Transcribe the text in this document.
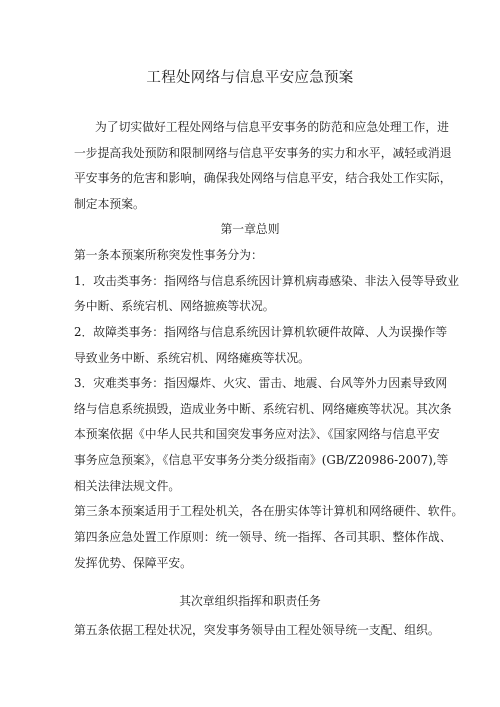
工程处网络与信息平安应急预案
为了切实做好工程处网络与信息平安事务的防范和应急处理工作，进
一步提高我处预防和限制网络与信息平安事务的实力和水平，减轻或消退
平安事务的危害和影响，确保我处网络与信息平安，结合我处工作实际，
制定本预案。
第一章总则
第一条本预案所称突发性事务分为：
1．攻击类事务：指网络与信息系统因计算机病毒感染、非法入侵等导致业
务中断、系统宕机、网络摭痪等状况。
2．故障类事务：指网络与信息系统因计算机软硬件故障、人为误操作等
导致业务中断、系统宕机、网络瘫痪等状况。
3．灾难类事务：指因爆炸、火灾、雷击、地震、台风等外力因素导致网
络与信息系统损毁，造成业务中断、系统宕机、网络瘫痪等状况。其次条
本预案依据《中华人民共和国突发事务应对法》、《国家网络与信息平安
事务应急预案》，《信息平安事务分类分级指南》(GB/Z20986-2007),等
相关法律法规文件。
第三条本预案适用于工程处机关，各在册实体等计算机和网络硬件、软件。
第四条应急处置工作原则：统一领导、统一指挥、各司其职、整体作战、
发挥优势、保障平安。
其次章组织指挥和职责任务
第五条依据工程处状况，突发事务领导由工程处领导统一支配、组织。
